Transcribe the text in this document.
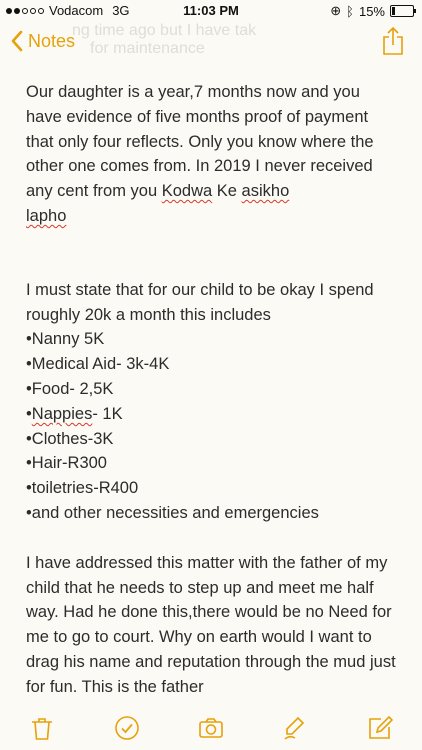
Vodacom 3G	11:03 PM	⊕ ᛒ 15%
ng time ago but I have tak
for maintenance
Notes

Our daughter is a year,7 months now and you have evidence of five months proof of payment that only four reflects. Only you know where the other one comes from. In 2019 I never received any cent from you Kodwa Ke asikho
lapho

I must state that for our child to be okay I spend roughly 20k a month this includes

•Nanny 5K

•Medical Aid- 3k-4K

•Food- 2,5K

•Nappies- 1K

•Clothes-3K

•Hair-R300

•toiletries-R400

•and other necessities and emergencies

I have addressed this matter with the father of my child that he needs to step up and meet me half way. Had he done this,there would be no Need for me to go to court. Why on earth would I want to drag his name and reputation through the mud just for fun. This is the father
